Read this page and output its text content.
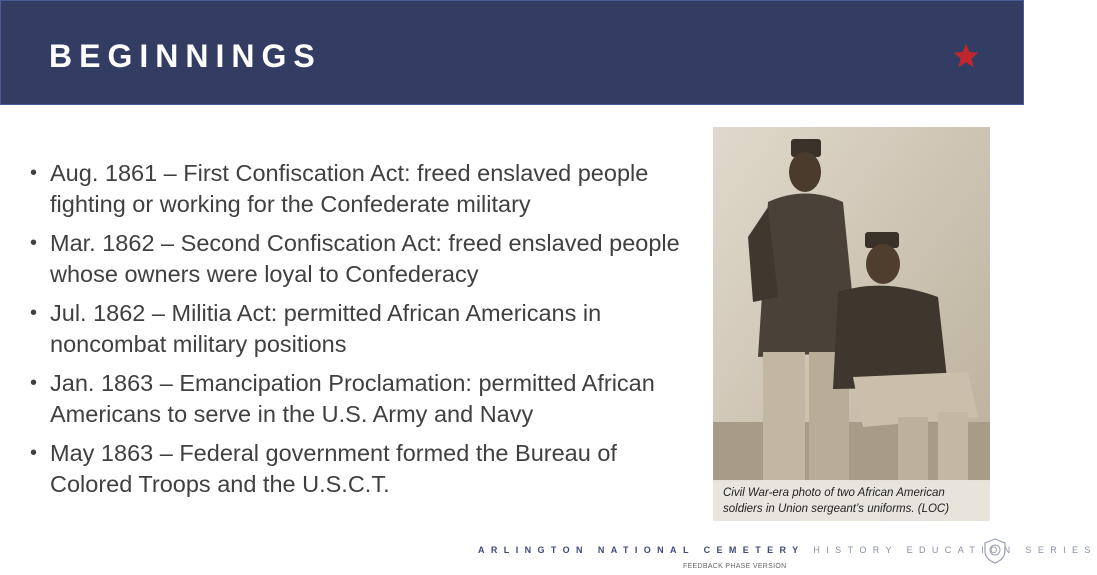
BEGINNINGS
• Aug. 1861 – First Confiscation Act: freed enslaved people fighting or working for the Confederate military
• Mar. 1862 – Second Confiscation Act: freed enslaved people whose owners were loyal to Confederacy
• Jul. 1862 – Militia Act: permitted African Americans in noncombat military positions
• Jan. 1863 – Emancipation Proclamation: permitted African Americans to serve in the U.S. Army and Navy
• May 1863 – Federal government formed the Bureau of Colored Troops and the U.S.C.T.	Civil War-era photo of two African American soldiers in Union sergeant’s uniforms. (LOC)
ARLINGTON NATIONAL CEMETERY HISTORY EDUCATION SERIES
FEEDBACK PHASE VERSION
